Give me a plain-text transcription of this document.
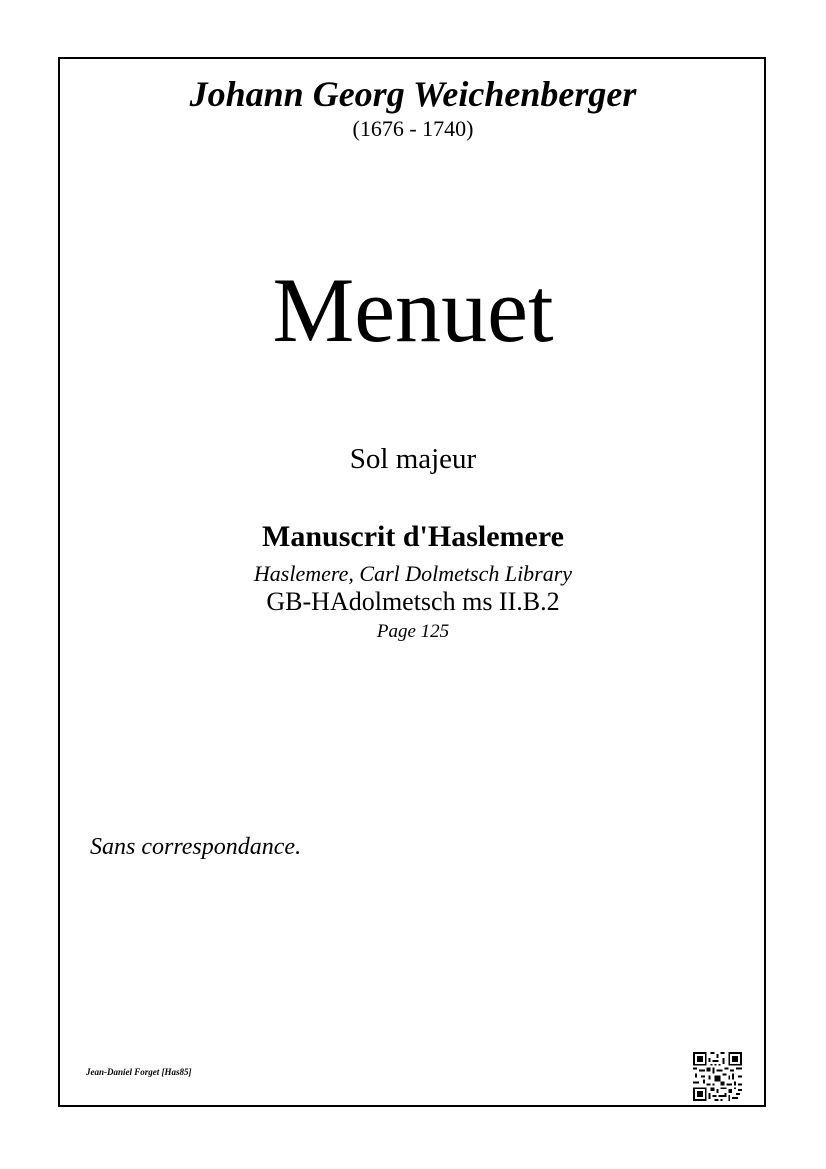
Johann Georg Weichenberger
(1676 - 1740)
Menuet
Sol majeur
Manuscrit d'Haslemere
Haslemere, Carl Dolmetsch Library
GB-HAdolmetsch ms II.B.2
Page 125
Sans correspondance.
Jean-Daniel Forget [Has85]
